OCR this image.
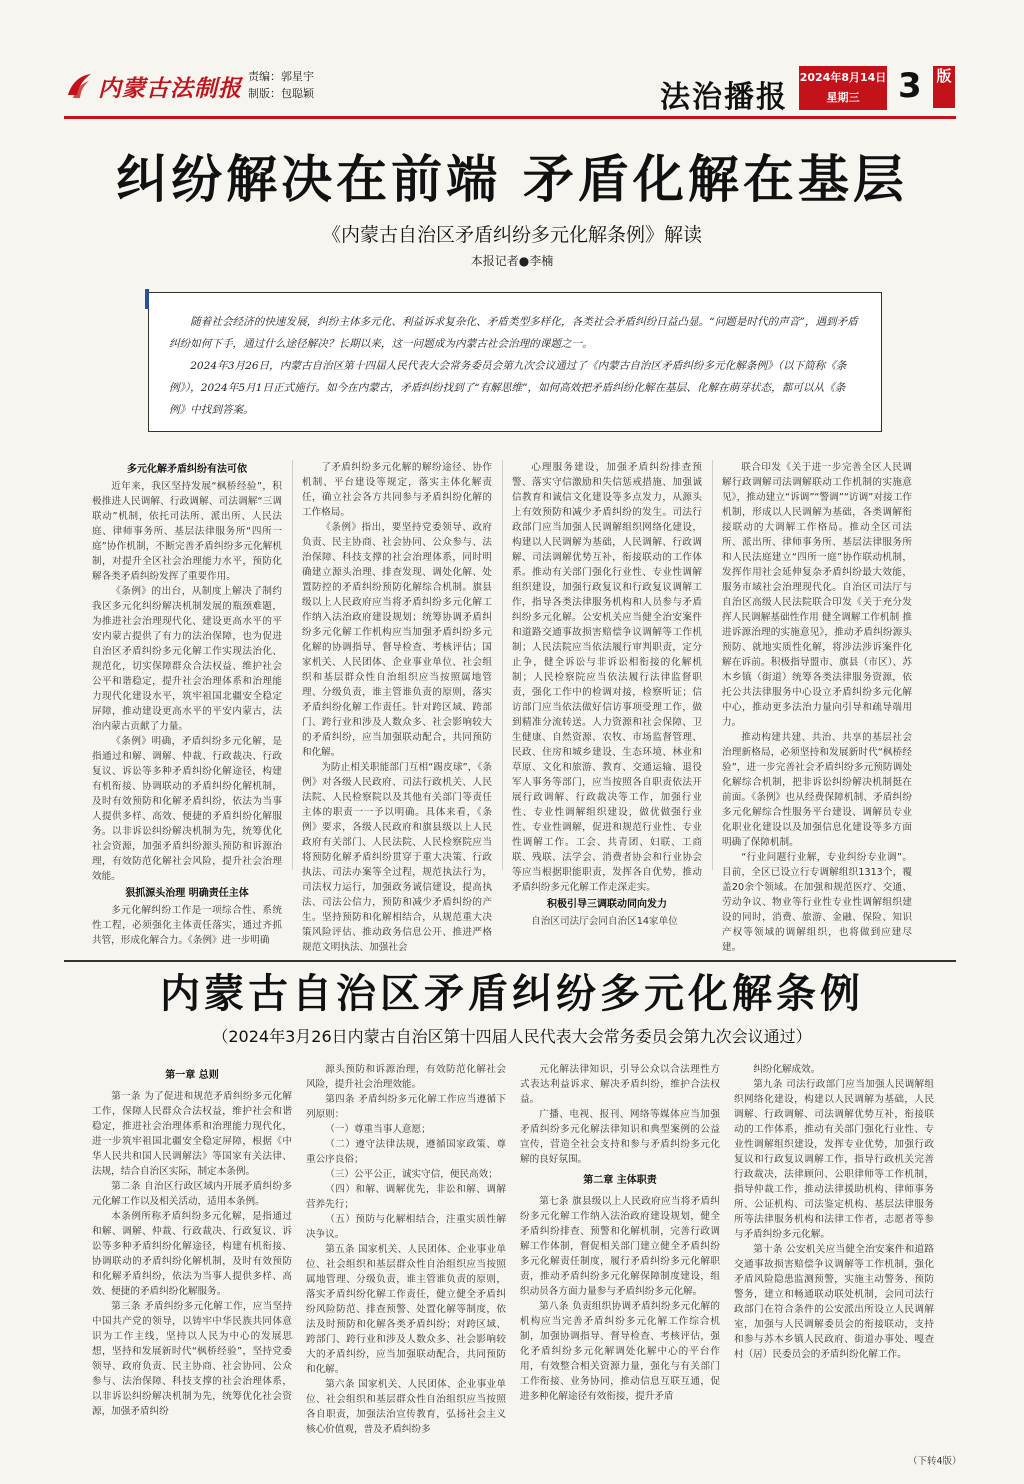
内蒙古法制报 责编：郭星宇
制版：包聪颖	法治播报
2024年8月14日
星期三	3 版
纠纷解决在前端 矛盾化解在基层
《内蒙古自治区矛盾纠纷多元化解条例》解读
本报记者●李楠

随着社会经济的快速发展，纠纷主体多元化、利益诉求复杂化、矛盾类型多样化，各类社会矛盾纠纷日益凸显。“问题是时代的声音”，遇到矛盾纠纷如何下手，通过什么途径解决？长期以来，这一问题成为内蒙古社会治理的课题之一。

2024年3月26日，内蒙古自治区第十四届人民代表大会常务委员会第九次会议通过了《内蒙古自治区矛盾纠纷多元化解条例》（以下简称《条例》），2024年5月1日正式施行。如今在内蒙古，矛盾纠纷找到了“有解思维”，如何高效把矛盾纠纷化解在基层、化解在萌芽状态，都可以从《条例》中找到答案。

多元化解矛盾纠纷有法可依

近年来，我区坚持发展“枫桥经验”，积极推进人民调解、行政调解、司法调解“三调联动”机制，依托司法所、派出所、人民法庭、律师事务所、基层法律服务所“四所一庭”协作机制，不断完善矛盾纠纷多元化解机制，对提升全区社会治理能力水平，预防化解各类矛盾纠纷发挥了重要作用。

《条例》的出台，从制度上解决了制约我区多元化纠纷解决机制发展的瓶颈难题，为推进社会治理现代化、建设更高水平的平安内蒙古提供了有力的法治保障，也为促进自治区矛盾纠纷多元化解工作实现法治化、规范化，切实保障群众合法权益、维护社会公平和谐稳定，提升社会治理体系和治理能力现代化建设水平，筑牢祖国北疆安全稳定屏障，推动建设更高水平的平安内蒙古，法治内蒙古贡献了力量。

《条例》明确，矛盾纠纷多元化解，是指通过和解、调解、仲裁、行政裁决、行政复议、诉讼等多种矛盾纠纷化解途径，构建有机衔接、协调联动的矛盾纠纷化解机制，及时有效预防和化解矛盾纠纷，依法为当事人提供多样、高效、便捷的矛盾纠纷化解服务。以非诉讼纠纷解决机制为先，统筹优化社会资源，加强矛盾纠纷源头预防和诉源治理，有效防范化解社会风险，提升社会治理效能。

狠抓源头治理 明确责任主体

多元化解纠纷工作是一项综合性、系统性工程，必须强化主体责任落实，通过齐抓共管，形成化解合力。《条例》进一步明确

了矛盾纠纷多元化解的解纷途径、协作机制、平台建设等规定，落实主体化解责任，确立社会各方共同参与矛盾纠纷化解的工作格局。

《条例》指出，要坚持党委领导、政府负责、民主协商、社会协同、公众参与、法治保障、科技支撑的社会治理体系，同时明确建立源头治理、排查发现、调处化解、处置防控的矛盾纠纷预防化解综合机制。旗县级以上人民政府应当将矛盾纠纷多元化解工作纳入法治政府建设规划；统筹协调矛盾纠纷多元化解工作机构应当加强矛盾纠纷多元化解的协调指导、督导检查、考核评估；国家机关、人民团体、企业事业单位、社会组织和基层群众性自治组织应当按照属地管理、分级负责，谁主管谁负责的原则，落实矛盾纠纷化解工作责任。针对跨区域、跨部门、跨行业和涉及人数众多、社会影响较大的矛盾纠纷，应当加强联动配合，共同预防和化解。

为防止相关职能部门互相“踢皮球”，《条例》对各级人民政府、司法行政机关、人民法院、人民检察院以及其他有关部门等责任主体的职责一一予以明确。具体来看，《条例》要求，各级人民政府和旗县级以上人民政府有关部门、人民法院、人民检察院应当将预防化解矛盾纠纷贯穿于重大决策、行政执法、司法办案等全过程，规范执法行为，司法权力运行，加强政务诚信建设，提高执法、司法公信力，预防和减少矛盾纠纷的产生。坚持预防和化解相结合，从规范重大决策风险评估、推动政务信息公开、推进严格规范文明执法、加强社会

心理服务建设，加强矛盾纠纷排查预警、落实守信激励和失信惩戒措施、加强诚信教育和诚信文化建设等多点发力，从源头上有效预防和减少矛盾纠纷的发生。司法行政部门应当加强人民调解组织网络化建设，构建以人民调解为基础，人民调解、行政调解、司法调解优势互补，衔接联动的工作体系。推动有关部门强化行业性、专业性调解组织建设，加强行政复议和行政复议调解工作，指导各类法律服务机构和人员参与矛盾纠纷多元化解。公安机关应当健全治安案件和道路交通事故损害赔偿争议调解等工作机制；人民法院应当依法履行审判职责，定分止争，健全诉讼与非诉讼相衔接的化解机制；人民检察院应当依法履行法律监督职责，强化工作中的检调对接，检察听证；信访部门应当依法做好信访事项受理工作，做到精准分流转送。人力资源和社会保障、卫生健康、自然资源、农牧、市场监督管理、民政、住房和城乡建设、生态环境、林业和草原、文化和旅游、教育、交通运输、退役军人事务等部门，应当按照各自职责依法开展行政调解、行政裁决等工作，加强行业性、专业性调解组织建设，做优做强行业性、专业性调解，促进和规范行业性、专业性调解工作。工会、共青团、妇联、工商联、残联、法学会、消费者协会和行业协会等应当根据职能职责，发挥各自优势，推动矛盾纠纷多元化解工作走深走实。

积极引导三调联动同向发力

自治区司法厅会同自治区14家单位

联合印发《关于进一步完善全区人民调解行政调解司法调解联动工作机制的实施意见》，推动建立“诉调”“警调”“访调”对接工作机制，形成以人民调解为基础，各类调解衔接联动的大调解工作格局。推动全区司法所、派出所、律师事务所、基层法律服务所和人民法庭建立“四所一庭”协作联动机制，发挥作用社会延伸复杂矛盾纠纷最大效能，服务市域社会治理现代化。自治区司法厅与自治区高级人民法院联合印发《关于充分发挥人民调解基础性作用 健全调解工作机制 推进诉源治理的实施意见》，推动矛盾纠纷源头预防、就地实质性化解，将涉法涉诉案件化解在诉前。积极指导盟市、旗县（市区）、苏木乡镇（街道）统筹各类法律服务资源，依托公共法律服务中心设立矛盾纠纷多元化解中心，推动更多法治力量向引导和疏导端用力。

推动构建共建、共治、共享的基层社会治理新格局，必须坚持和发展新时代“枫桥经验”，进一步完善社会矛盾纠纷多元预防调处化解综合机制，把非诉讼纠纷解决机制挺在前面。《条例》也从经费保障机制、矛盾纠纷多元化解综合性服务平台建设、调解员专业化职业化建设以及加强信息化建设等多方面明确了保障机制。

“行业问题行业解，专业纠纷专业调”。目前，全区已设立行专调解组织1313个，覆盖20余个领域。在加强和规范医疗、交通、劳动争议、物业等行业性专业性调解组织建设的同时，消费、旅游、金融、保险、知识产权等领域的调解组织，也将做到应建尽建。

内蒙古自治区矛盾纠纷多元化解条例
（2024年3月26日内蒙古自治区第十四届人民代表大会常务委员会第九次会议通过）
第一章 总则

第一条 为了促进和规范矛盾纠纷多元化解工作，保障人民群众合法权益，维护社会和谐稳定，推进社会治理体系和治理能力现代化，进一步筑牢祖国北疆安全稳定屏障，根据《中华人民共和国人民调解法》等国家有关法律、法规，结合自治区实际，制定本条例。

第二条 自治区行政区域内开展矛盾纠纷多元化解工作以及相关活动，适用本条例。

本条例所称矛盾纠纷多元化解，是指通过和解、调解、仲裁、行政裁决、行政复议、诉讼等多种矛盾纠纷化解途径，构建有机衔接、协调联动的矛盾纠纷化解机制，及时有效预防和化解矛盾纠纷，依法为当事人提供多样、高效、便捷的矛盾纠纷化解服务。

第三条 矛盾纠纷多元化解工作，应当坚持中国共产党的领导，以铸牢中华民族共同体意识为工作主线，坚持以人民为中心的发展思想，坚持和发展新时代“枫桥经验”，坚持党委领导、政府负责、民主协商、社会协同、公众参与、法治保障、科技支撑的社会治理体系，以非诉讼纠纷解决机制为先，统筹优化社会资源，加强矛盾纠纷

源头预防和诉源治理，有效防范化解社会风险，提升社会治理效能。

第四条 矛盾纠纷多元化解工作应当遵循下列原则：

（一）尊重当事人意愿；

（二）遵守法律法规，遵循国家政策、尊重公序良俗；

（三）公平公正，诚实守信，便民高效；

（四）和解、调解优先，非讼和解、调解营养先行；

（五）预防与化解相结合，注重实质性解决争议。

第五条 国家机关、人民团体、企业事业单位、社会组织和基层群众性自治组织应当按照属地管理、分级负责，谁主管谁负责的原则，落实矛盾纠纷化解工作责任，健立健全矛盾纠纷风险防范、排查预警、处置化解等制度，依法及时预防和化解各类矛盾纠纷；对跨区域、跨部门、跨行业和涉及人数众多、社会影响较大的矛盾纠纷，应当加强联动配合，共同预防和化解。

第六条 国家机关、人民团体、企业事业单位、社会组织和基层群众性自治组织应当按照各自职责，加强法治宣传教育，弘扬社会主义核心价值观，普及矛盾纠纷多

元化解法律知识，引导公众以合法理性方式表达利益诉求、解决矛盾纠纷，维护合法权益。

广播、电视、报刊、网络等媒体应当加强矛盾纠纷多元化解法律知识和典型案例的公益宣传，营造全社会支持和参与矛盾纠纷多元化解的良好氛围。

第二章 主体职责

第七条 旗县级以上人民政府应当将矛盾纠纷多元化解工作纳入法治政府建设规划，健全矛盾纠纷排查、预警和化解机制，完善行政调解工作体制，督促相关部门建立健全矛盾纠纷多元化解责任制度，履行矛盾纠纷多元化解职责，推动矛盾纠纷多元化解保障制度建设，组织动员各方面力量参与矛盾纠纷多元化解。

第八条 负责组织协调矛盾纠纷多元化解的机构应当完善矛盾纠纷多元化解工作综合机制，加强协调指导、督导检查、考核评估，强化矛盾纠纷多元化解调处化解中心的平台作用，有效整合相关资源力量，强化与有关部门工作衔接、业务协同，推动信息互联互通，促进多种化解途径有效衔接，提升矛盾

纠纷化解成效。

第九条 司法行政部门应当加强人民调解组织网络化建设，构建以人民调解为基础，人民调解、行政调解、司法调解优势互补，衔接联动的工作体系，推动有关部门强化行业性、专业性调解组织建设，发挥专业优势，加强行政复议和行政复议调解工作，指导行政机关完善行政裁决，法律顾问、公职律师等工作机制，指导仲裁工作，推动法律援助机构、律师事务所、公证机构、司法鉴定机构、基层法律服务所等法律服务机构和法律工作者，志愿者等参与矛盾纠纷多元化解。

第十条 公安机关应当健全治安案件和道路交通事故损害赔偿争议调解等工作机制，强化矛盾风险隐患监测预警，实施主动警务、预防警务，建立和畅通联动联处机制，会同司法行政部门在符合条件的公安派出所设立人民调解室，加强与人民调解委员会的衔接联动，支持和参与苏木乡镇人民政府、街道办事处、嘎查村（居）民委员会的矛盾纠纷化解工作。

（下转4版）
